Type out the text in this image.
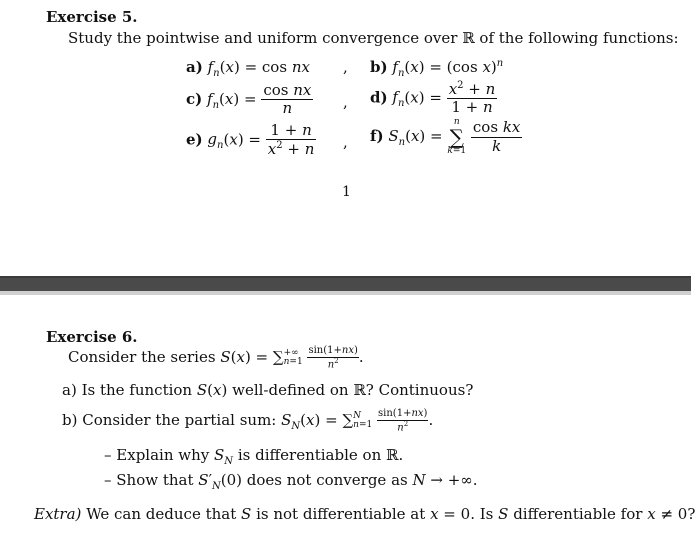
Exercise 5.
Study the pointwise and uniform convergence over ℝ of the following functions:
a) $f_n(x) = \cos$ nx , b) $f_n(x) = (\cos$ x)$^n$
c) $f_n(x) = \frac{\text{cos nx}}{n}$ , d) $f_n(x) = \frac{x^2 + n}{1 + n}$
e) $g_n(x) = \frac{1 + n}{x^2 + n}$ , f) $S_n(x)$ =
n
∑
k=1
$\frac{\text{cos kx}}{k}$
1
Exercise 6.
Consider the series S(x) = ∑ +∞
n=1
$\frac{\sin(1+nx)}{n^2}$ .
a) Is the function S(x) well-defined on ℝ? Continuous?
b) Consider the partial sum: $S_N(x)$ = ∑ N
n=1
$\frac{\sin(1+nx)}{n^2}$ .
– Explain why $S_N$ is differentiable on ℝ.
– Show that $S'_N(0)$ does not converge as N → +∞.
Extra) We can deduce that S is not differentiable at x = 0. Is S differentiable for x ≠ 0?
